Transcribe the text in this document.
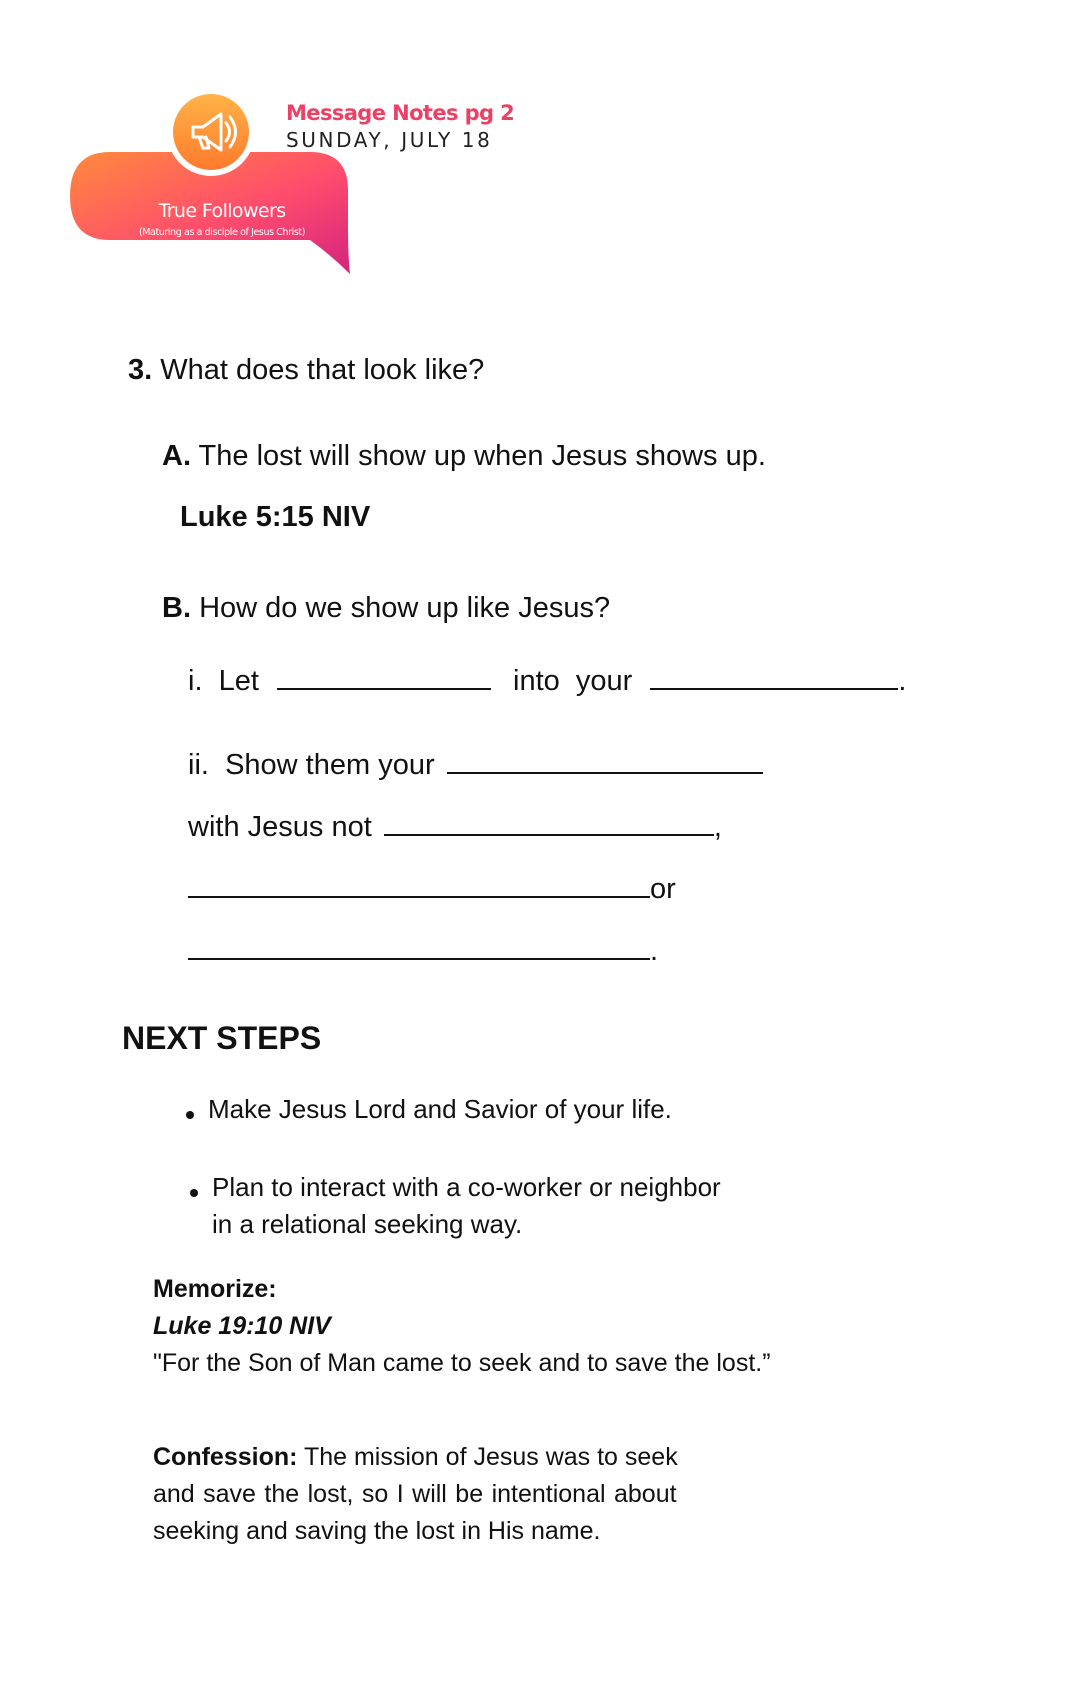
Message Notes pg 2
SUNDAY, JULY 18
True Followers
(Maturing as a disciple of Jesus Christ)
3. What does that look like?
A. The lost will show up when Jesus shows up.
Luke 5:15 NIV
B. How do we show up like Jesus?
i. Let	into  your	.
ii. Show them your
with Jesus not	,
or
.
NEXT STEPS
Make Jesus Lord and Savior of your life.
Plan to interact with a co-worker or neighbor
in a relational seeking way.
Memorize:
Luke 19:10 NIV
"For the Son of Man came to seek and to save the lost.”
Confession: The mission of Jesus was to seek
and save the lost, so I will be intentional about
seeking and saving the lost in His name.
